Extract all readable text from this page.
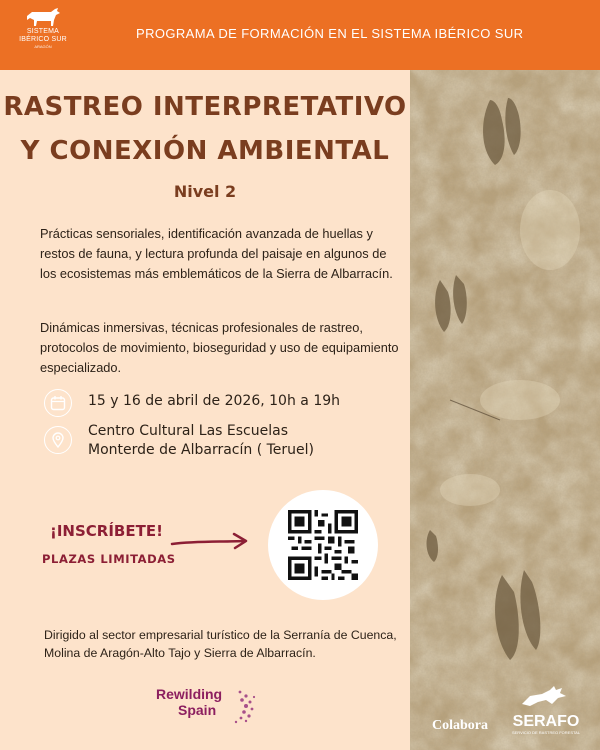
SISTEMA
IBÉRICO SUR
ARAGÓN
PROGRAMA DE FORMACIÓN EN EL SISTEMA IBÉRICO SUR
RASTREO INTERPRETATIVO
Y CONEXIÓN AMBIENTAL
Nivel 2
Prácticas sensoriales, identificación avanzada de huellas y restos de fauna, y lectura profunda del paisaje en algunos de los ecosistemas más emblemáticos de la Sierra de Albarracín.
Dinámicas inmersivas, técnicas profesionales de rastreo, protocolos de movimiento, bioseguridad y uso de equipamiento especializado.
15 y 16 de abril de 2026, 10h a 19h
Centro Cultural Las Escuelas
Monterde de Albarracín ( Teruel)
¡INSCRÍBETE!
PLAZAS LIMITADAS
Dirigido al sector empresarial turístico de la Serranía de Cuenca, Molina de Aragón-Alto Tajo y Sierra de Albarracín.
Rewilding
Spain
Colabora	SERAFO
SERVICIO DE RASTREO FORESTAL
